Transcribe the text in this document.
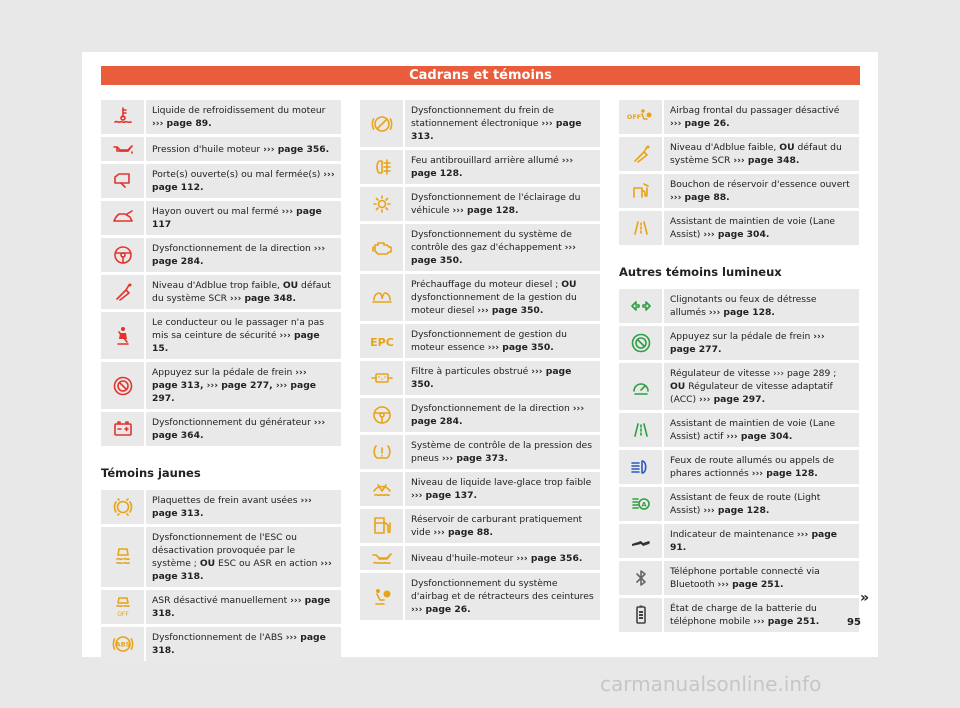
Cadrans et témoins
Liquide de refroidissement du moteur ››› page 89.
Pression d'huile moteur ››› page 356.
Porte(s) ouverte(s) ou mal fermée(s) ››› page 112.
Hayon ouvert ou mal fermé ››› page 117
Dysfonctionnement de la direction ››› page 284.
Niveau d'Adblue trop faible, OU défaut du système SCR ››› page 348.
Le conducteur ou le passager n'a pas mis sa ceinture de sécurité ››› page 15.
Appuyez sur la pédale de frein ››› page 313, ››› page 277, ››› page 297.
Dysfonctionnement du générateur ››› page 364.
Témoins jaunes
Plaquettes de frein avant usées ››› page 313.
Dysfonctionnement de l'ESC ou désactivation provoquée par le système ; OU ESC ou ASR en action ››› page 318.
OFF
ASR désactivé manuellement ››› page 318.
ABS
Dysfonctionnement de l'ABS ››› page 318.
Dysfonctionnement du frein de stationnement électronique ››› page 313.
Feu antibrouillard arrière allumé ››› page 128.
Dysfonctionnement de l'éclairage du véhicule ››› page 128.
Dysfonctionnement du système de contrôle des gaz d'échappement ››› page 350.
Préchauffage du moteur diesel ; OU dysfonctionnement de la gestion du moteur diesel ››› page 350.
EPC
Dysfonctionnement de gestion du moteur essence ››› page 350.
Filtre à particules obstrué ››› page 350.
Dysfonctionnement de la direction ››› page 284.
Système de contrôle de la pression des pneus ››› page 373.
Niveau de liquide lave-glace trop faible ››› page 137.
Réservoir de carburant pratiquement vide ››› page 88.
Niveau d'huile-moteur ››› page 356.
Dysfonctionnement du système d'airbag et de rétracteurs des ceintures ››› page 26.
OFF
Airbag frontal du passager désactivé ››› page 26.
Niveau d'Adblue faible, OU défaut du système SCR ››› page 348.
Bouchon de réservoir d'essence ouvert ››› page 88.
Assistant de maintien de voie (Lane Assist) ››› page 304.
Autres témoins lumineux
Clignotants ou feux de détresse allumés ››› page 128.
Appuyez sur la pédale de frein ››› page 277.
Régulateur de vitesse ››› page 289 ; OU Régulateur de vitesse adaptatif (ACC) ››› page 297.
Assistant de maintien de voie (Lane Assist) actif ››› page 304.
Feux de route allumés ou appels de phares actionnés ››› page 128.
A
Assistant de feux de route (Light Assist) ››› page 128.
Indicateur de maintenance ››› page 91.
Téléphone portable connecté via Bluetooth ››› page 251.
État de charge de la batterie du téléphone mobile ››› page 251.
»
95
carmanualsonline.info
